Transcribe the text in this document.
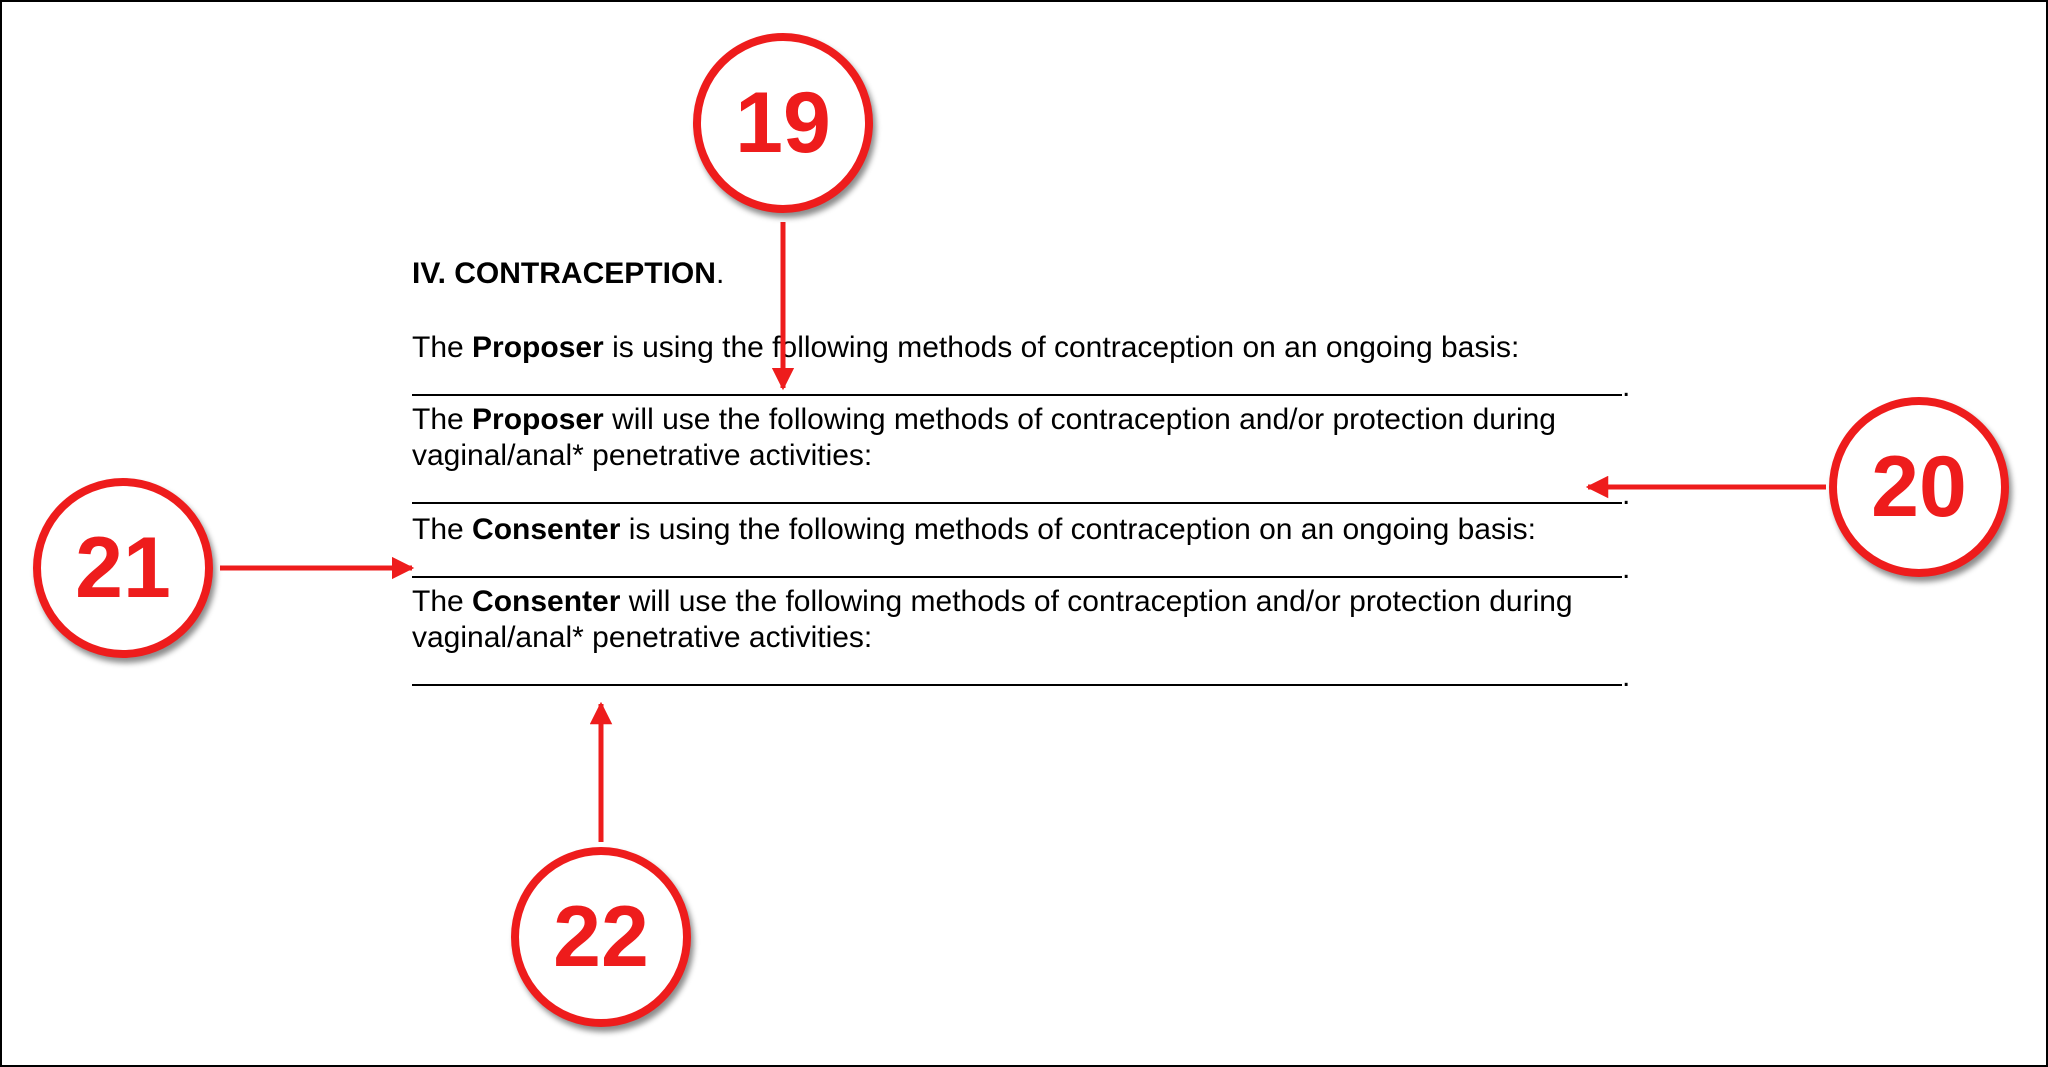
IV. CONTRACEPTION.
The Proposer is using the following methods of contraception on an ongoing basis:
.
The Proposer will use the following methods of contraception and/or protection during
vaginal/anal* penetrative activities:
.
The Consenter is using the following methods of contraception on an ongoing basis:
.
The Consenter will use the following methods of contraception and/or protection during
vaginal/anal* penetrative activities:
.
19
20
21
22
